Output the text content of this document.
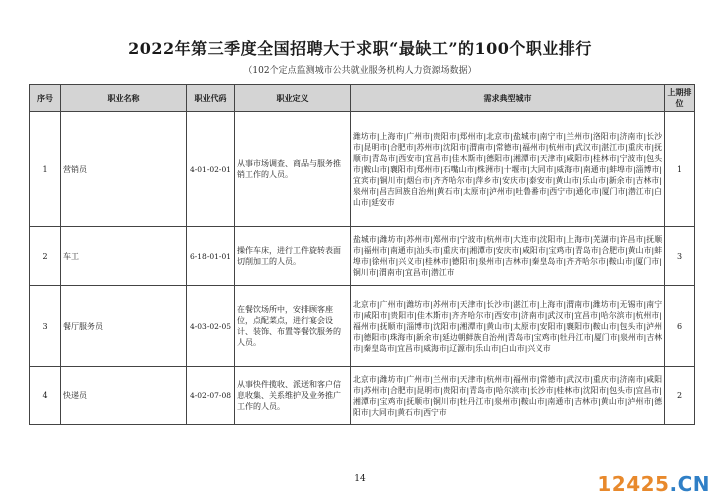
2022年第三季度全国招聘大于求职“最缺工”的100个职业排行
（102个定点监测城市公共就业服务机构人力资源场数据）
序号	职业名称	职业代码	职业定义	需求典型城市	上期排位
1	营销员	4-01-02-01	从事市场调查、商品与服务推销工作的人员。	潍坊市|上海市|广州市|贵阳市|郑州市|北京市|盐城市|南宁市|兰州市|洛阳市|济南市|长沙市|昆明市|合肥市|苏州市|沈阳市|渭南市|常德市|福州市|杭州市|武汉市|湛江市|重庆市|抚顺市|青岛市|西安市|宜昌市|佳木斯市|德阳市|湘潭市|天津市|咸阳市|桂林市|宁波市|包头市|鞍山市|襄阳市|郑州市|石嘴山市|株洲市|十堰市|大同市|威海市|南通市|蚌埠市|淄博市|宜宾市|铜川市|烟台市|齐齐哈尔市|萍乡市|安庆市|泰安市|黄山市|乐山市|新余市|吉林市|泉州市|昌吉回族自治州|黄石市|太原市|泸州市|吐鲁番市|西宁市|通化市|厦门市|潜江市|白山市|延安市	1
2	车工	6-18-01-01	操作车床，进行工件旋转表面切削加工的人员。	盐城市|潍坊市|苏州市|郑州市|宁波市|杭州市|大连市|沈阳市|上海市|芜湖市|许昌市|抚顺市|福州市|南通市|汕头市|重庆市|湘潭市|安庆市|咸阳市|宝鸡市|青岛市|合肥市|黄山市|蚌埠市|徐州市|兴义市|桂林市|德阳市|泉州市|吉林市|秦皇岛市|齐齐哈尔市|鞍山市|厦门市|铜川市|渭南市|宜昌市|潜江市	3
3	餐厅服务员	4-03-02-05	在餐饮场所中，安排顾客座位，点配菜点，进行宴会设计、装饰、布置等餐饮服务的人员。	北京市|广州市|潍坊市|苏州市|天津市|长沙市|湛江市|上海市|渭南市|潍坊市|无锡市|南宁市|咸阳市|贵阳市|佳木斯市|齐齐哈尔市|西安市|济南市|武汉市|宜昌市|哈尔滨市|杭州市|福州市|抚顺市|淄博市|沈阳市|湘潭市|黄山市|太原市|安阳市|襄阳市|鞍山市|包头市|泸州市|德阳市|珠海市|新余市|延边朝鲜族自治州|青岛市|宝鸡市|牡丹江市|厦门市|泉州市|吉林市|秦皇岛市|宜昌市|威海市|辽源市|乐山市|白山市|兴义市	6
4	快递员	4-02-07-08	从事快件揽收、派送和客户信息收集、关系维护及业务推广工作的人员。	北京市|潍坊市|广州市|兰州市|天津市|杭州市|福州市|常德市|武汉市|重庆市|济南市|咸阳市|苏州市|合肥市|昆明市|贵阳市|青岛市|哈尔滨市|长沙市|桂林市|沈阳市|包头市|宜昌市|湘潭市|宝鸡市|抚顺市|铜川市|牡丹江市|泉州市|鞍山市|南通市|吉林市|黄山市|泸州市|德阳市|大同市|黄石市|西宁市	2
14	12425.CN
